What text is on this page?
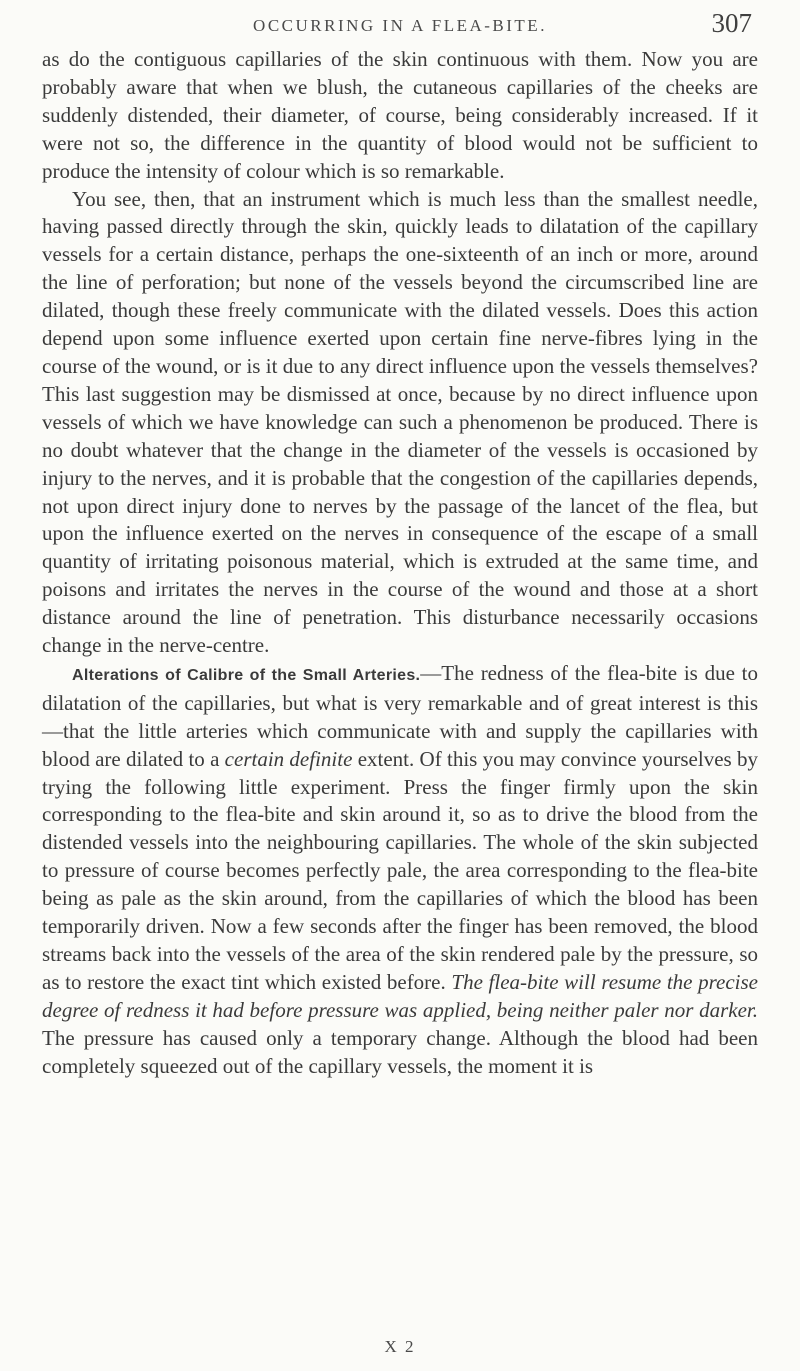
OCCURRING IN A FLEA-BITE.	307

as do the contiguous capillaries of the skin continuous with them. Now you are probably aware that when we blush, the cutaneous capillaries of the cheeks are suddenly distended, their diameter, of course, being considerably increased. If it were not so, the difference in the quantity of blood would not be sufficient to produce the intensity of colour which is so remarkable.

You see, then, that an instrument which is much less than the smallest needle, having passed directly through the skin, quickly leads to dilatation of the capillary vessels for a certain distance, perhaps the one-sixteenth of an inch or more, around the line of perforation; but none of the vessels beyond the circumscribed line are dilated, though these freely communicate with the dilated vessels. Does this action depend upon some influence exerted upon certain fine nerve-fibres lying in the course of the wound, or is it due to any direct influence upon the vessels themselves? This last suggestion may be dismissed at once, because by no direct influence upon vessels of which we have knowledge can such a phenomenon be produced. There is no doubt whatever that the change in the diameter of the vessels is occasioned by injury to the nerves, and it is probable that the congestion of the capillaries depends, not upon direct injury done to nerves by the passage of the lancet of the flea, but upon the influence exerted on the nerves in consequence of the escape of a small quantity of irritating poisonous material, which is extruded at the same time, and poisons and irritates the nerves in the course of the wound and those at a short distance around the line of penetration. This disturbance necessarily occasions change in the nerve-centre.

Alterations of Calibre of the Small Arteries.—The redness of the flea-bite is due to dilatation of the capillaries, but what is very remarkable and of great interest is this—that the little arteries which communicate with and supply the capillaries with blood are dilated to a certain definite extent. Of this you may convince yourselves by trying the following little experiment. Press the finger firmly upon the skin corresponding to the flea-bite and skin around it, so as to drive the blood from the distended vessels into the neighbouring capillaries. The whole of the skin subjected to pressure of course becomes perfectly pale, the area corresponding to the flea-bite being as pale as the skin around, from the capillaries of which the blood has been temporarily driven. Now a few seconds after the finger has been removed, the blood streams back into the vessels of the area of the skin rendered pale by the pressure, so as to restore the exact tint which existed before. The flea-bite will resume the precise degree of redness it had before pressure was applied, being neither paler nor darker. The pressure has caused only a temporary change. Although the blood had been completely squeezed out of the capillary vessels, the moment it is

X 2
